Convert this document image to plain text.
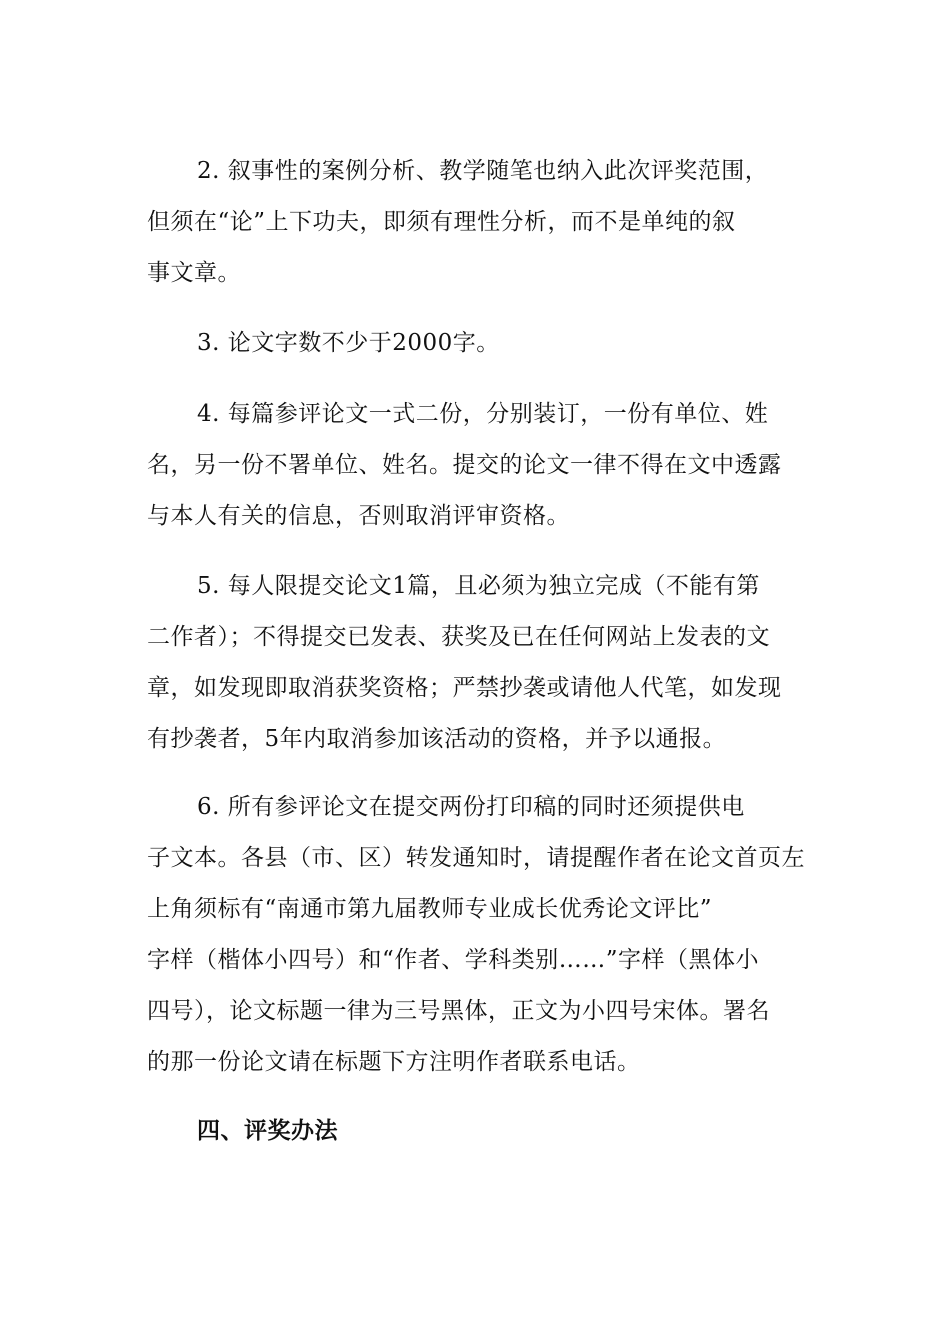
2. 叙事性的案例分析、教学随笔也纳入此次评奖范围，
但须在“论”上下功夫，即须有理性分析，而不是单纯的叙
事文章。
3. 论文字数不少于2000字。
4. 每篇参评论文一式二份，分别装订，一份有单位、姓
名，另一份不署单位、姓名。提交的论文一律不得在文中透露
与本人有关的信息，否则取消评审资格。
5. 每人限提交论文1篇，且必须为独立完成（不能有第
二作者）；不得提交已发表、获奖及已在任何网站上发表的文
章，如发现即取消获奖资格；严禁抄袭或请他人代笔，如发现
有抄袭者，5年内取消参加该活动的资格，并予以通报。
6. 所有参评论文在提交两份打印稿的同时还须提供电
子文本。各县（市、区）转发通知时，请提醒作者在论文首页左
上角须标有“南通市第九届教师专业成长优秀论文评比”
字样（楷体小四号）和“作者、学科类别……”字样（黑体小
四号），论文标题一律为三号黑体，正文为小四号宋体。署名
的那一份论文请在标题下方注明作者联系电话。
四、评奖办法
